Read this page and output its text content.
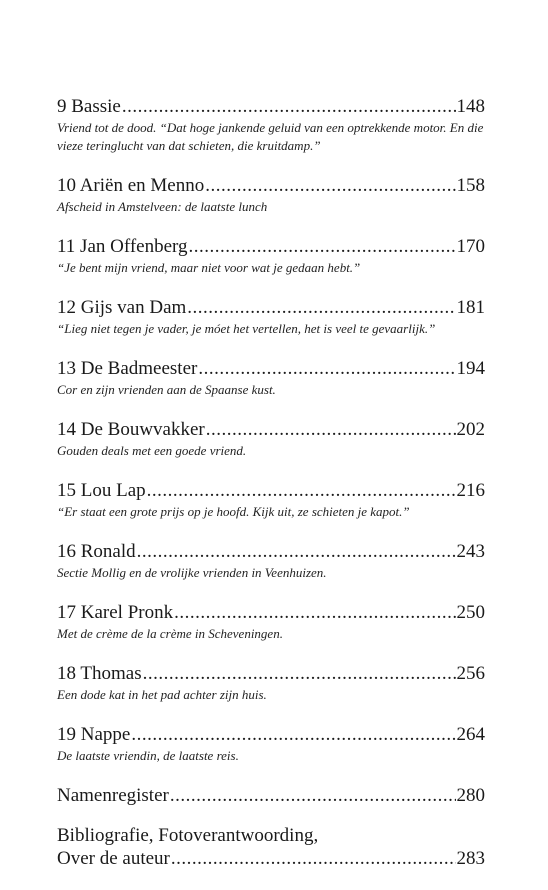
9 Bassie .....	148
Vriend tot de dood. “Dat hoge jankende geluid van een optrekkende motor. En die vieze teringlucht van dat schieten, die kruitdamp.”
10 Ariën en Menno .....	158
Afscheid in Amstelveen: de laatste lunch
11 Jan Offenberg .....	170
“Je bent mijn vriend, maar niet voor wat je gedaan hebt.”
12 Gijs van Dam .....	181
“Lieg niet tegen je vader, je móet het vertellen, het is veel te gevaarlijk.”
13 De Badmeester .....	194
Cor en zijn vrienden aan de Spaanse kust.
14 De Bouwvakker .....	202
Gouden deals met een goede vriend.
15 Lou Lap .....	216
“Er staat een grote prijs op je hoofd. Kijk uit, ze schieten je kapot.”
16 Ronald .....	243
Sectie Mollig en de vrolijke vrienden in Veenhuizen.
17 Karel Pronk .....	250
Met de crème de la crème in Scheveningen.
18 Thomas .....	256
Een dode kat in het pad achter zijn huis.
19 Nappe .....	264
De laatste vriendin, de laatste reis.
Namenregister .....	280
Bibliografie, Fotoverantwoording,
Over de auteur .....	283
